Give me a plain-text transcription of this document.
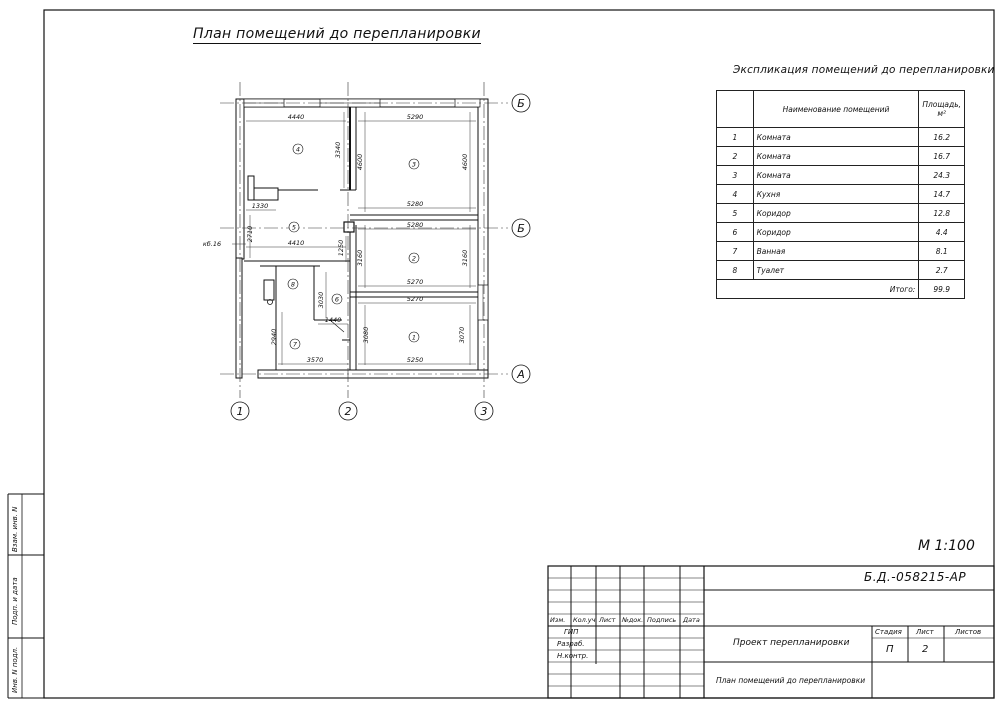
Взам. инв. N
Подп. и дата
Инв. N подл.
План помещений до перепланировки
1	2	3
Б
Б
А
4440	5290
3340
4600	4600
1330	5280
5280
2710
4410	1250
3160	3160
5270
5270
3030
1440
2940	3080	3070
3570	5250
кб.16
4
3
5
2
8
6
7
1
Экспликация помещений до перепланировки
	Наименование помещений	Площадь, м²
1	Комната	16.2
2	Комната	16.7
3	Комната	24.3
4	Кухня	14.7
5	Коридор	12.8
6	Коридор	4.4
7	Ванная	8.1
8	Туалет	2.7
	Итого:	99.9
М 1:100
Б.Д.-058215-АР
Изм. Кол.уч Лист №док. Подпись Дата
ГИП
Разраб.
Н.контр.
Проект перепланировки
Стадия Лист	Листов
П	2
План помещений до перепланировки
